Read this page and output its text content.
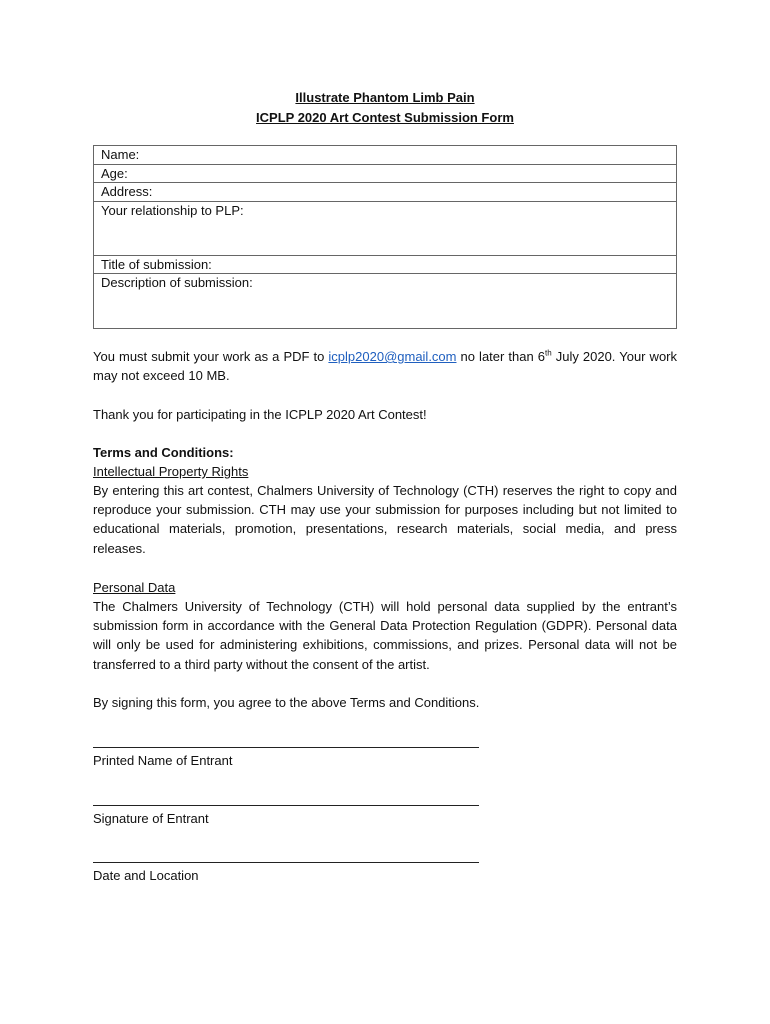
Illustrate Phantom Limb Pain
ICPLP 2020 Art Contest Submission Form
Name:
Age:
Address:
Your relationship to PLP:
Title of submission:
Description of submission:

You must submit your work as a PDF to icplp2020@gmail.com no later than 6th July 2020. Your work may not exceed 10 MB.

Thank you for participating in the ICPLP 2020 Art Contest!

Terms and Conditions:

Intellectual Property Rights

By entering this art contest, Chalmers University of Technology (CTH) reserves the right to copy and reproduce your submission. CTH may use your submission for purposes including but not limited to educational materials, promotion, presentations, research materials, social media, and press releases.

Personal Data

The Chalmers University of Technology (CTH) will hold personal data supplied by the entrant’s submission form in accordance with the General Data Protection Regulation (GDPR). Personal data will only be used for administering exhibitions, commissions, and prizes. Personal data will not be transferred to a third party without the consent of the artist.

By signing this form, you agree to the above Terms and Conditions.

Printed Name of Entrant
Signature of Entrant
Date and Location
